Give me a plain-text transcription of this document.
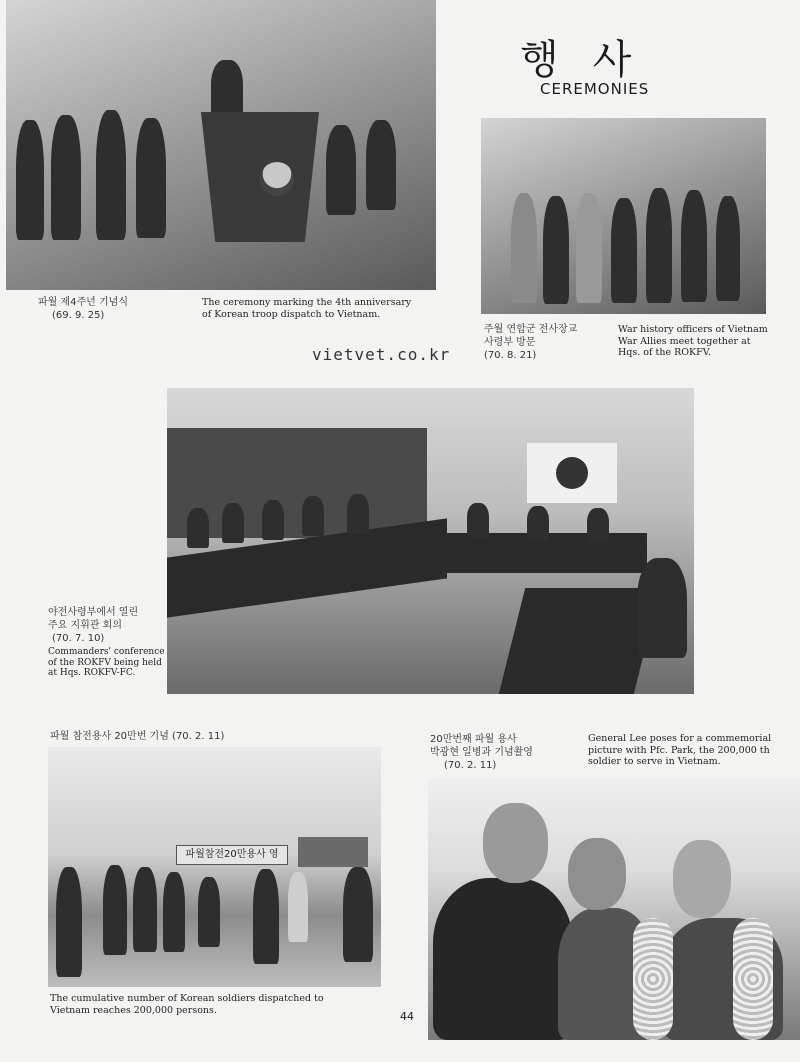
행사
CEREMONIES
파월 제4주년 기념식
(69. 9. 25)
The ceremony marking the 4th anniversary
of Korean troop dispatch to Vietnam.
주월 연합군 전사장교
사령부 방문
(70. 8. 21)
War history officers of Vietnam
War Allies meet together at
Hqs. of the ROKFV.
vietvet.co.kr
야전사령부에서 열린
주요 지휘관 회의
(70. 7. 10)
Commanders' conference
of the ROKFV being held
at Hqs. ROKFV-FC.
파월 참전용사 20만번 기념 (70. 2. 11)
파월참전20만용사 영
The cumulative number of Korean soldiers dispatched to
Vietnam reaches 200,000 persons.
20만번째 파월 용사
박광현 일병과 기념촬영
(70. 2. 11)
General Lee poses for a commemorial
picture with Pfc. Park, the 200,000 th
soldier to serve in Vietnam.
44
